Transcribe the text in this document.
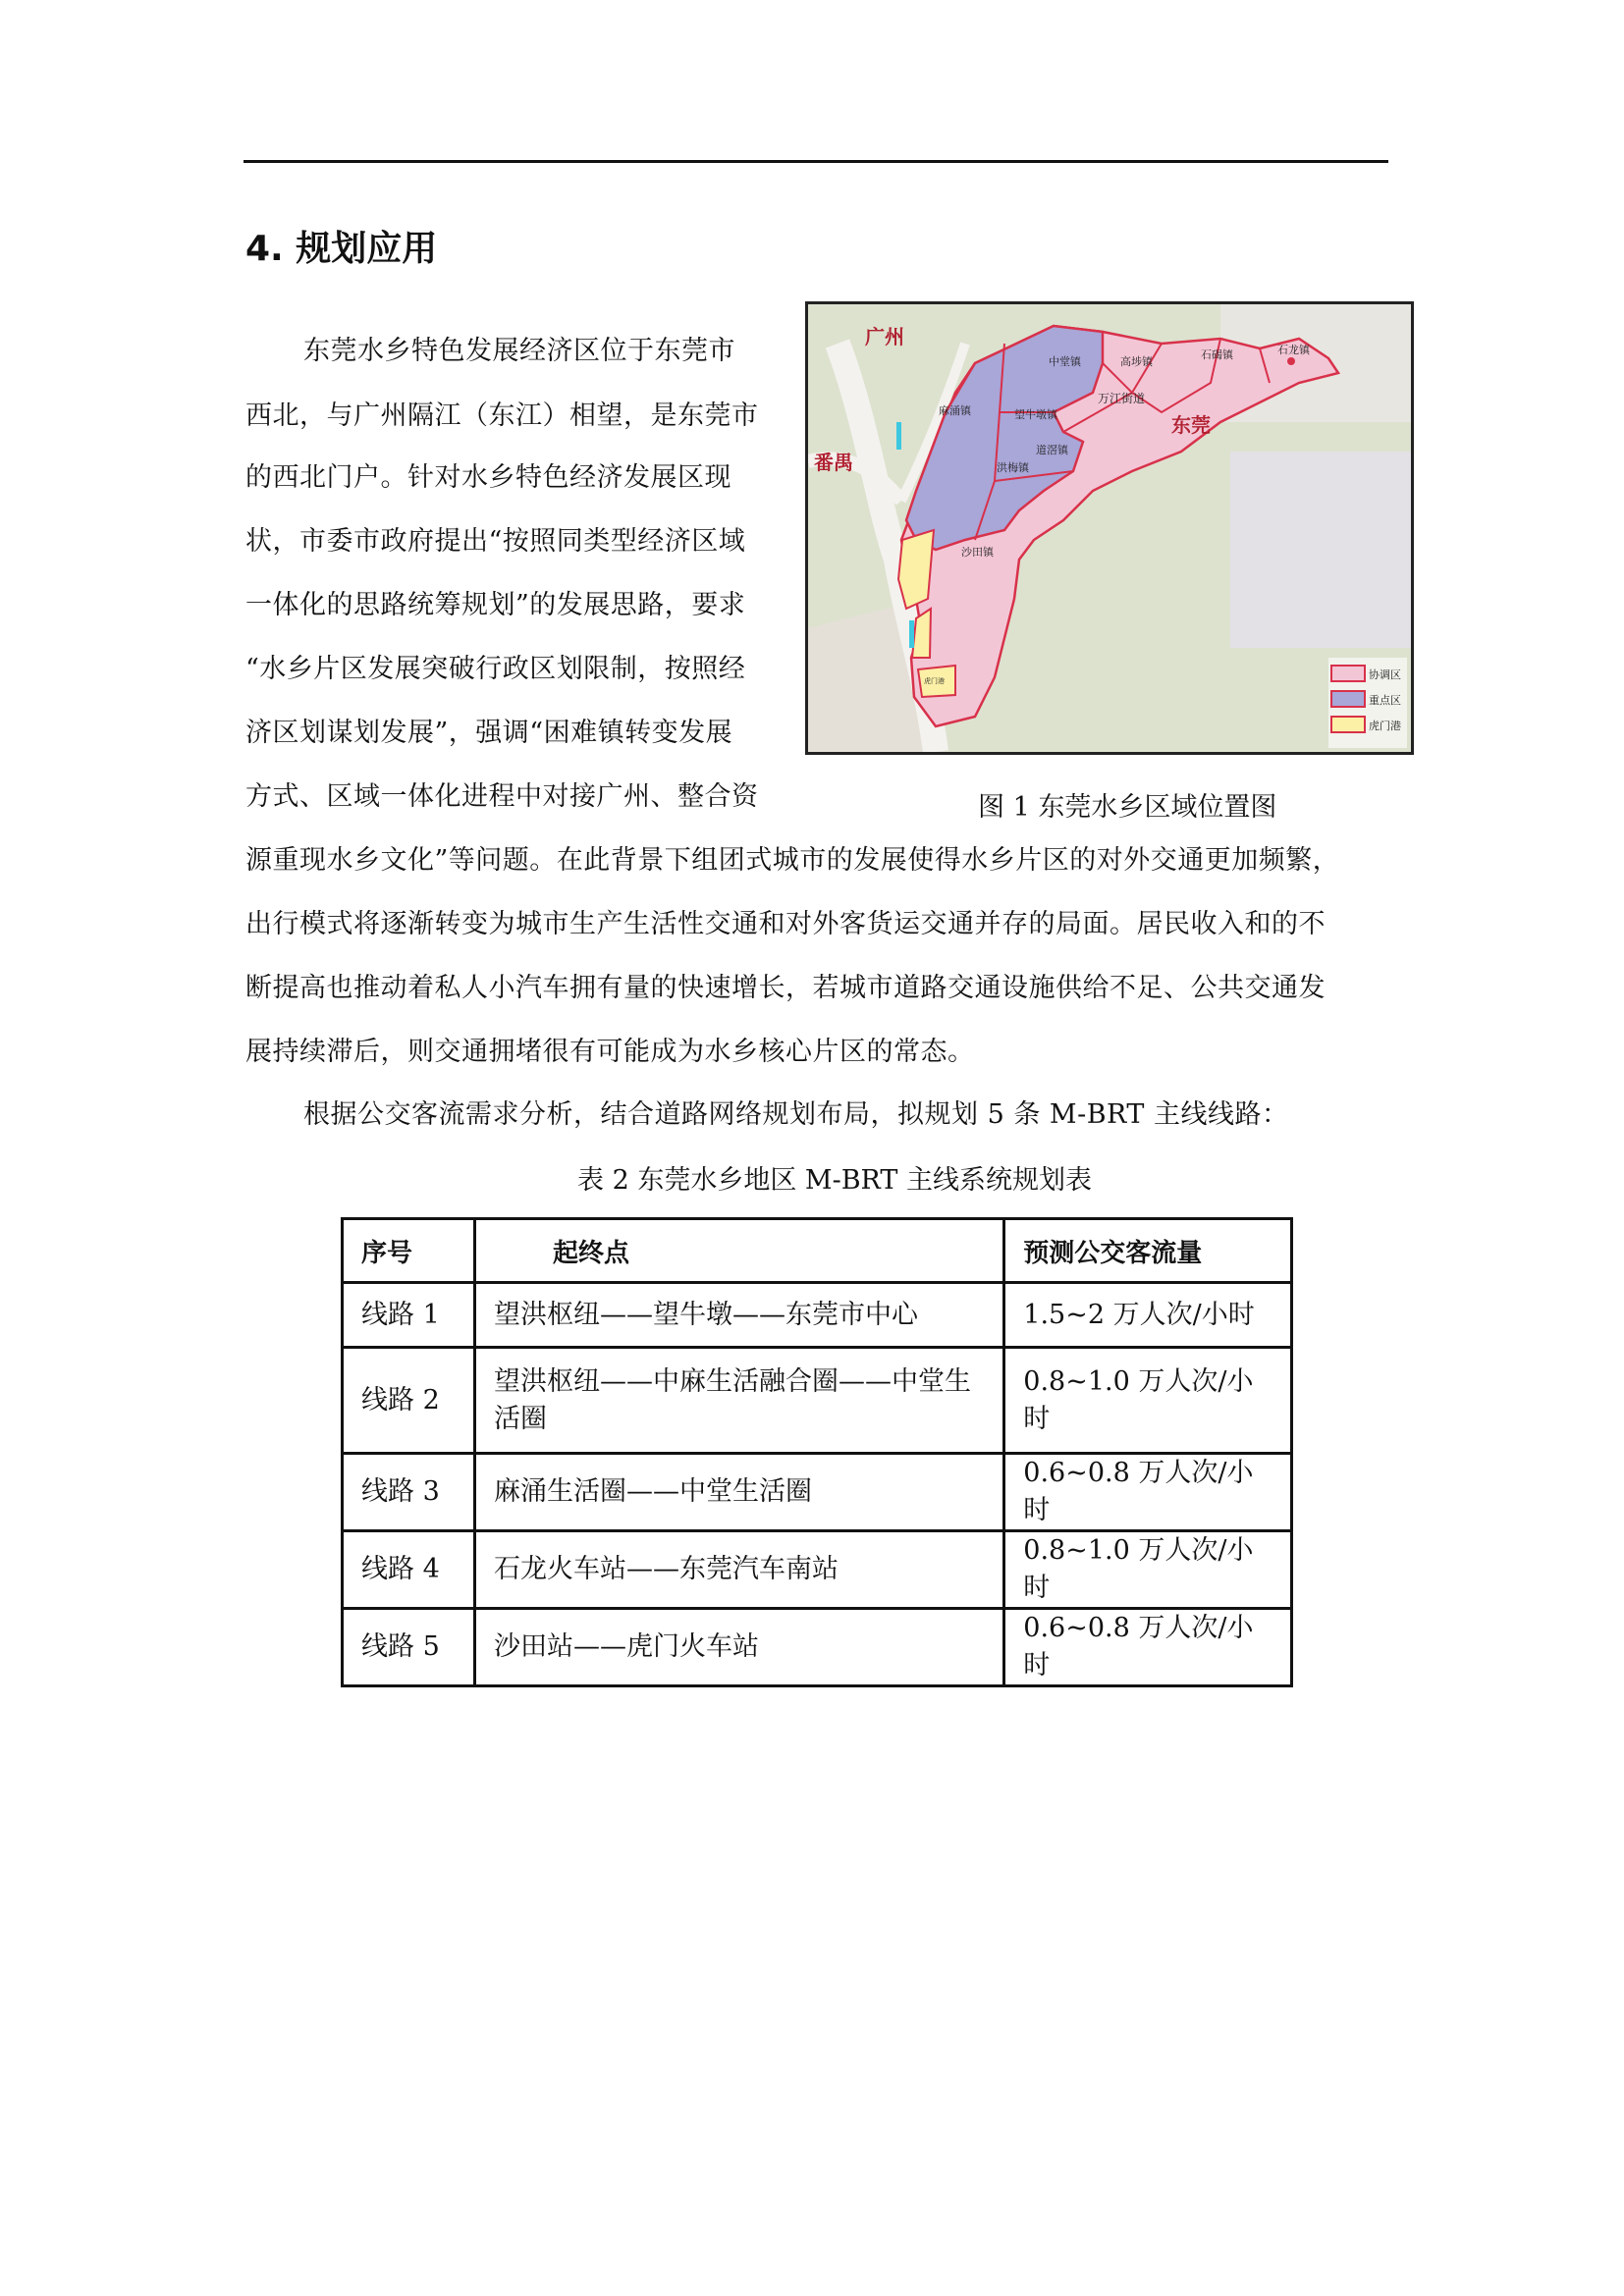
4. 规划应用
东莞水乡特色发展经济区位于东莞市
西北，与广州隔江（东江）相望，是东莞市
的西北门户。针对水乡特色经济发展区现
状，市委市政府提出“按照同类型经济区域
一体化的思路统筹规划”的发展思路，要求
“水乡片区发展突破行政区划限制，按照经
济区划谋划发展”，强调“困难镇转变发展
方式、区域一体化进程中对接广州、整合资
源重现水乡文化”等问题。在此背景下组团式城市的发展使得水乡片区的对外交通更加频繁，
出行模式将逐渐转变为城市生产生活性交通和对外客货运交通并存的局面。居民收入和的不
断提高也推动着私人小汽车拥有量的快速增长，若城市道路交通设施供给不足、公共交通发
展持续滞后，则交通拥堵很有可能成为水乡核心片区的常态。
广州
番禺
东莞
中堂镇	高埗镇
石碣镇	石龙镇
麻涌镇	望牛墩镇
万江街道
道滘镇
洪梅镇
沙田镇
虎门港	协调区
重点区
虎门港
图 1 东莞水乡区域位置图
根据公交客流需求分析，结合道路网络规划布局，拟规划 5 条 M-BRT 主线线路：
表 2 东莞水乡地区 M-BRT 主线系统规划表
序号	起终点	预测公交客流量
线路 1	望洪枢纽——望牛墩——东莞市中心	1.5~2 万人次/小时
线路 2	望洪枢纽——中麻生活融合圈——中堂生活圈	0.8~1.0 万人次/小时
线路 3	麻涌生活圈——中堂生活圈	0.6~0.8 万人次/小时
线路 4	石龙火车站——东莞汽车南站	0.8~1.0 万人次/小时
线路 5	沙田站——虎门火车站	0.6~0.8 万人次/小时
